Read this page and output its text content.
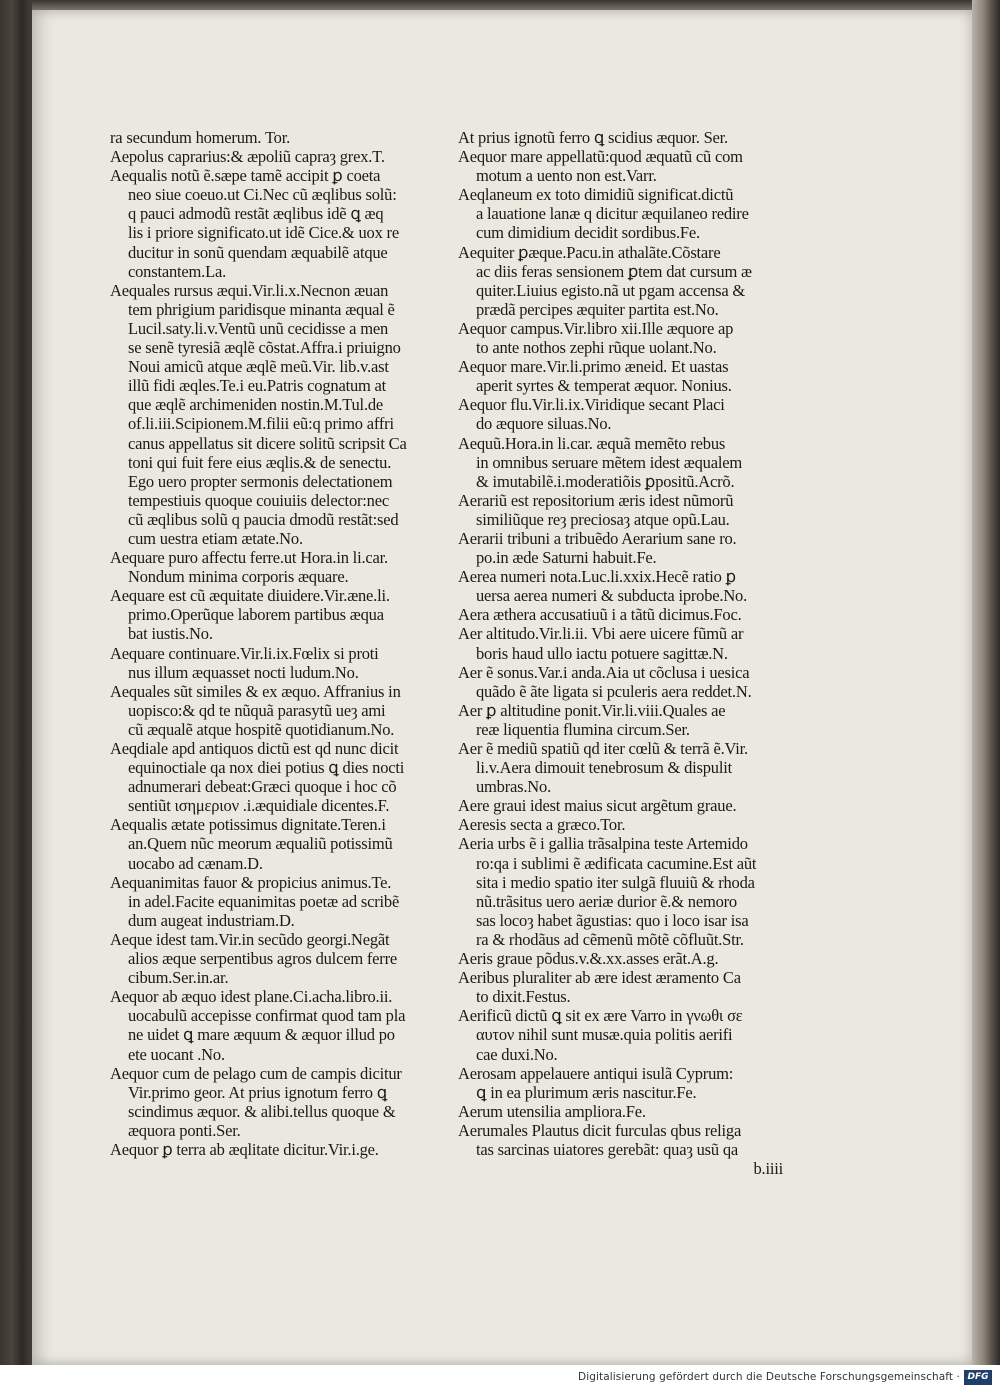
ra secundum homerum. Tor.
Aepolus caprarius:& æpoliũ capraȝ grex.T.
Aequalis notũ ẽ.sæpe tamẽ accipit ꝑ coeta
neo siue coeuo.ut Ci.Nec cũ æqlibus solũ:
q pauci admodũ restãt æqlibus idẽ ꝗ æq
lis i priore significato.ut idẽ Cice.& uox re
ducitur in sonũ quendam æquabilẽ atque
constantem.La.
Aequales rursus æqui.Vir.li.x.Necnon æuan
tem phrigium paridisque minanta æqual ẽ
Lucil.saty.li.v.Ventũ unũ cecidisse a men
se senẽ tyresiã æqlẽ cõstat.Affra.i priuigno
Noui amicũ atque æqlẽ meũ.Vir. lib.v.ast
illũ fidi æqles.Te.i eu.Patris cognatum at
que æqlẽ archimeniden nostin.M.Tul.de
of.li.iii.Scipionem.M.filii eũ:q primo affri
canus appellatus sit dicere solitũ scripsit Ca
toni qui fuit fere eius æqlis.& de senectu.
Ego uero propter sermonis delectationem
tempestiuis quoque couiuiis delector:nec
cũ æqlibus solũ q paucia dmodũ restãt:sed
cum uestra etiam ætate.No.
Aequare puro affectu ferre.ut Hora.in li.car.
Nondum minima corporis æquare.
Aequare est cũ æquitate diuidere.Vir.æne.li.
primo.Operũque laborem partibus æqua
bat iustis.No.
Aequare continuare.Vir.li.ix.Fœlix si proti
nus illum æquasset nocti ludum.No.
Aequales sũt similes & ex æquo. Affranius in
uopisco:& qd te nũquã parasytũ ueȝ ami
cũ æqualẽ atque hospitẽ quotidianum.No.
Aeqdiale apd antiquos dictũ est qd nunc dicit
equinoctiale qa nox diei potius ꝗ dies nocti
adnumerari debeat:Græci quoque i hoc cõ
sentiũt ισημεριον .i.æquidiale dicentes.F.
Aequalis ætate potissimus dignitate.Teren.i
an.Quem nũc meorum æqualiũ potissimũ
uocabo ad cænam.D.
Aequanimitas fauor & propicius animus.Te.
in adel.Facite equanimitas poetæ ad scribẽ
dum augeat industriam.D.
Aeque idest tam.Vir.in secũdo georgi.Negãt
alios æque serpentibus agros dulcem ferre
cibum.Ser.in.ar.
Aequor ab æquo idest plane.Ci.acha.libro.ii.
uocabulũ accepisse confirmat quod tam pla
ne uidet ꝗ mare æquum & æquor illud po
ete uocant .No.
Aequor cum de pelago cum de campis dicitur
Vir.primo geor. At prius ignotum ferro ꝗ
scindimus æquor. & alibi.tellus quoque &
æquora ponti.Ser.
Aequor ꝑ terra ab æqlitate dicitur.Vir.i.ge.
At prius ignotũ ferro ꝗ scidius æquor. Ser.
Aequor mare appellatũ:quod æquatũ cũ com
motum a uento non est.Varr.
Aeqlaneum ex toto dimidiũ significat.dictũ
a lauatione lanæ q dicitur æquilaneo redire
cum dimidium decidit sordibus.Fe.
Aequiter ꝑæque.Pacu.in athalãte.Cõstare
ac diis feras sensionem ꝑtem dat cursum æ
quiter.Liuius egisto.nã ut pgam accensa &
prædã percipes æquiter partita est.No.
Aequor campus.Vir.libro xii.Ille æquore ap
to ante nothos zephi rũque uolant.No.
Aequor mare.Vir.li.primo æneid. Et uastas
aperit syrtes & temperat æquor. Nonius.
Aequor flu.Vir.li.ix.Viridique secant Placi
do æquore siluas.No.
Aequũ.Hora.in li.car. æquã memẽto rebus
in omnibus seruare mẽtem idest æqualem
& imutabilẽ.i.moderatiõis ꝑpositũ.Acrõ.
Aerariũ est repositorium æris idest nũmorũ
similiũque reȝ preciosaȝ atque opũ.Lau.
Aerarii tribuni a tribuẽdo Aerarium sane ro.
po.in æde Saturni habuit.Fe.
Aerea numeri nota.Luc.li.xxix.Hecẽ ratio ꝑ
uersa aerea numeri & subducta iprobe.No.
Aera æthera accusatiuũ i a tãtũ dicimus.Foc.
Aer altitudo.Vir.li.ii. Vbi aere uicere fũmũ ar
boris haud ullo iactu potuere sagittæ.N.
Aer ẽ sonus.Var.i anda.Aia ut cõclusa i uesica
quãdo ẽ ãte ligata si pculeris aera reddet.N.
Aer ꝑ altitudine ponit.Vir.li.viii.Quales ae
reæ liquentia flumina circum.Ser.
Aer ẽ mediũ spatiũ qd iter cœlũ & terrã ẽ.Vir.
li.v.Aera dimouit tenebrosum & dispulit
umbras.No.
Aere graui idest maius sicut argẽtum graue.
Aeresis secta a græco.Tor.
Aeria urbs ẽ i gallia trãsalpina teste Artemido
ro:qa i sublimi ẽ ædificata cacumine.Est aũt
sita i medio spatio iter sulgã fluuiũ & rhoda
nũ.trãsitus uero aeriæ durior ẽ.& nemoro
sas locoȝ habet ãgustias: quo i loco isar isa
ra & rhodãus ad cẽmenũ mõtẽ cõfluũt.Str.
Aeris graue põdus.v.&.xx.asses erãt.A.g.
Aeribus pluraliter ab ære idest æramento Ca
to dixit.Festus.
Aerificũ dictũ ꝗ sit ex ære Varro in γνωθι σε
αυτον nihil sunt musæ.quia politis aerifi
cae duxi.No.
Aerosam appelauere antiqui isulã Cyprum:
ꝗ in ea plurimum æris nascitur.Fe.
Aerum utensilia ampliora.Fe.
Aerumales Plautus dicit furculas qbus religa
tas sarcinas uiatores gerebãt: quaȝ usũ qa
b.iiii
Digitalisierung gefördert durch die Deutsche Forschungsgemeinschaft · DFG
